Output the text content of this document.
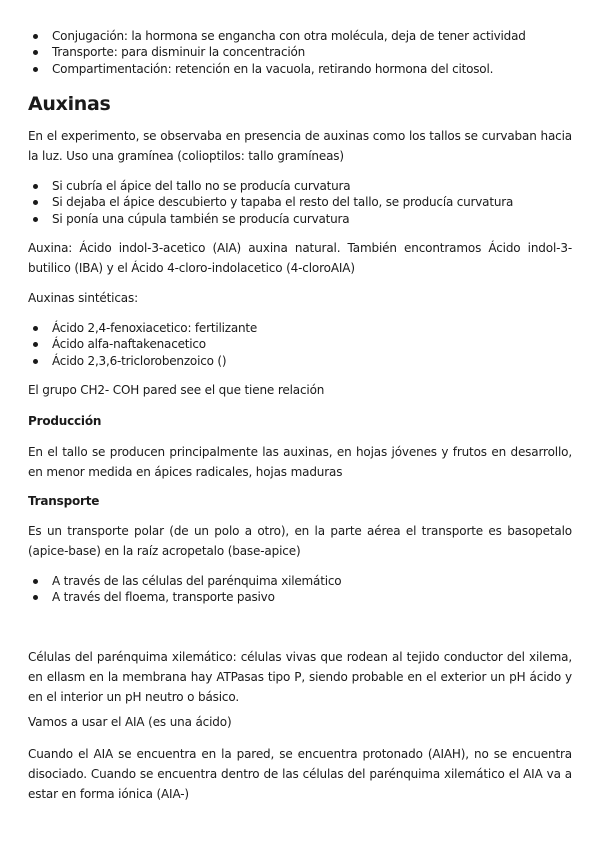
Conjugación: la hormona se engancha con otra molécula, deja de tener actividad
Transporte: para disminuir la concentración
Compartimentación: retención en la vacuola, retirando hormona del citosol.
Auxinas

En el experimento, se observaba en presencia de auxinas como los tallos se curvaban hacia la luz. Uso una gramínea (colioptilos: tallo gramíneas)

Si cubría el ápice del tallo no se producía curvatura
Si dejaba el ápice descubierto y tapaba el resto del tallo, se producía curvatura
Si ponía una cúpula también se producía curvatura

Auxina: Ácido indol-3-acetico (AIA) auxina natural. También encontramos Ácido indol-3-butilico (IBA) y el Ácido 4-cloro-indolacetico (4-cloroAIA)

Auxinas sintéticas:

Ácido 2,4-fenoxiacetico: fertilizante
Ácido alfa-naftakenacetico
Ácido 2,3,6-triclorobenzoico ()

El grupo CH2- COH pared see el que tiene relación

Producción

En el tallo se producen principalmente las auxinas, en hojas jóvenes y frutos en desarrollo, en menor medida en ápices radicales, hojas maduras

Transporte

Es un transporte polar (de un polo a otro), en la parte aérea el transporte es basopetalo (apice-base) en la raíz acropetalo (base-apice)

A través de las células del parénquima xilemático
A través del floema, transporte pasivo

Células del parénquima xilemático: células vivas que rodean al tejido conductor del xilema, en ellasm en la membrana hay ATPasas tipo P, siendo probable en el exterior un pH ácido y en el interior un pH neutro o básico.

Vamos a usar el AIA (es una ácido)

Cuando el AIA se encuentra en la pared, se encuentra protonado (AIAH), no se encuentra disociado. Cuando se encuentra dentro de las células del parénquima xilemático el AIA va a estar en forma iónica (AIA-)
